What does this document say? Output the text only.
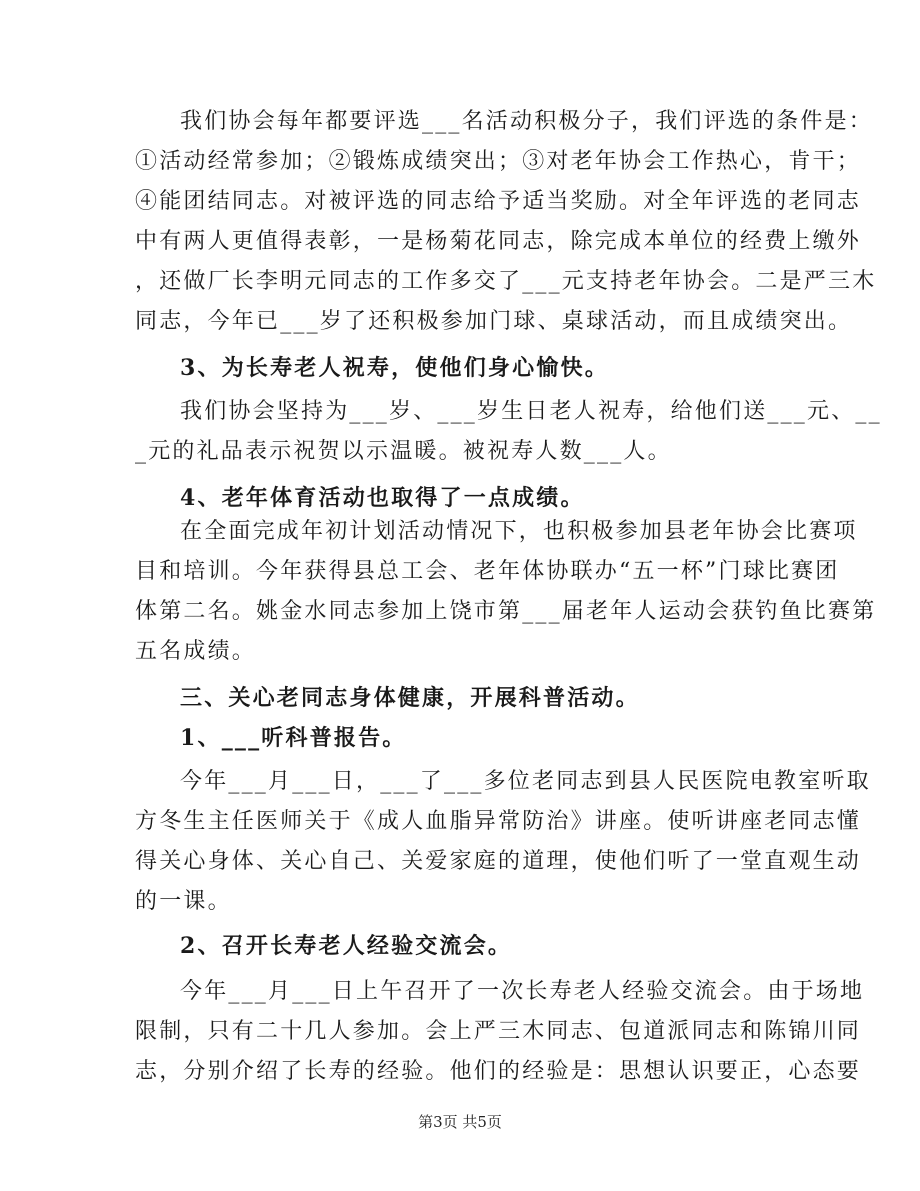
我们协会每年都要评选___名活动积极分子，我们评选的条件是：
①活动经常参加；②锻炼成绩突出；③对老年协会工作热心，肯干；
④能团结同志。对被评选的同志给予适当奖励。对全年评选的老同志
中有两人更值得表彰，一是杨菊花同志，除完成本单位的经费上缴外
，还做厂长李明元同志的工作多交了___元支持老年协会。二是严三木
同志，今年已___岁了还积极参加门球、桌球活动，而且成绩突出。
3、为长寿老人祝寿，使他们身心愉快。
我们协会坚持为___岁、___岁生日老人祝寿，给他们送___元、__
_元的礼品表示祝贺以示温暖。被祝寿人数___人。
4、老年体育活动也取得了一点成绩。
在全面完成年初计划活动情况下，也积极参加县老年协会比赛项
目和培训。今年获得县总工会、老年体协联办“五一杯”门球比赛团
体第二名。姚金水同志参加上饶市第___届老年人运动会获钓鱼比赛第
五名成绩。
三、关心老同志身体健康，开展科普活动。
1、___听科普报告。
今年___月___日，___了___多位老同志到县人民医院电教室听取
方冬生主任医师关于《成人血脂异常防治》讲座。使听讲座老同志懂
得关心身体、关心自己、关爱家庭的道理，使他们听了一堂直观生动
的一课。
2、召开长寿老人经验交流会。
今年___月___日上午召开了一次长寿老人经验交流会。由于场地
限制，只有二十几人参加。会上严三木同志、包道派同志和陈锦川同
志，分别介绍了长寿的经验。他们的经验是：思想认识要正，心态要
第3页 共5页
